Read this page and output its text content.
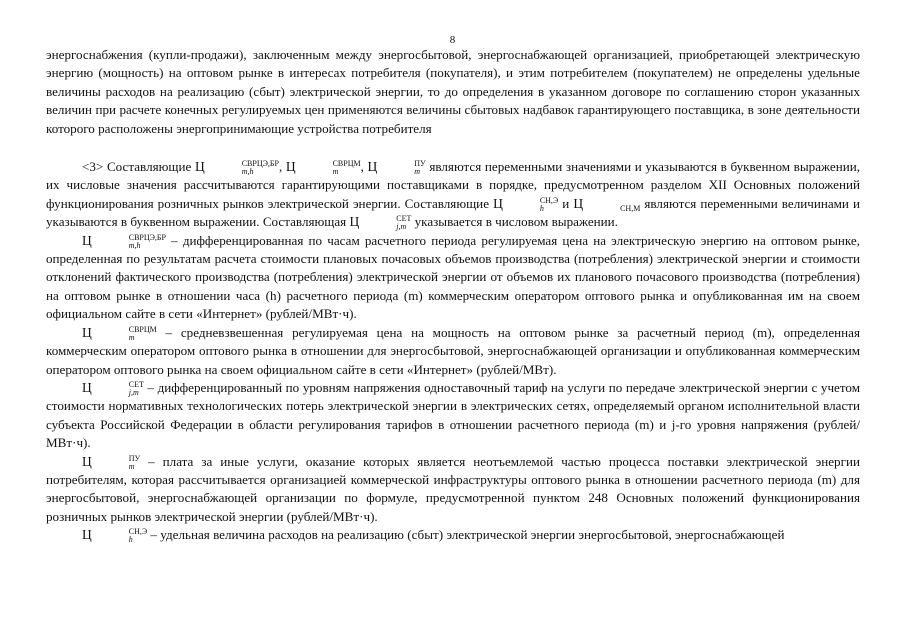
8

энергоснабжения (купли-продажи), заключенным между энергосбытовой, энергоснабжающей организацией, приобретающей электрическую энергию (мощность) на оптовом рынке в интересах потребителя (покупателя), и этим потребителем (покупателем) не определены удельные величины расходов на реализацию (сбыт) электрической энергии, то до определения в указанном договоре по соглашению сторон указанных величин при расчете конечных регулируемых цен применяются величины сбытовых надбавок гарантирующего поставщика, в зоне деятельности которого расположены энергопринимающие устройства потребителя

<3> Составляющие Ц	СВРЦЭ,БР
m,h	, Ц	СВРЦМ
m	, Ц	ПУ
m являются переменными значениями и указываются в буквенном выражении, их числовые значения рассчитываются гарантирующими поставщиками в порядке, предусмотренном разделом XII Основных положений функционирования розничных рынков электрической энергии. Составляющие Ц	СН,Э
h	и Ц	СН,М являются переменными величинами и указываются в буквенном выражении. Составляющая Ц	СЕТ
j,m указывается в числовом выражении.

Ц	СВРЦЭ,БР
m,h	– дифференцированная по часам расчетного периода регулируемая цена на электрическую энергию на оптовом рынке, определенная по результатам расчета стоимости плановых почасовых объемов производства (потребления) электрической энергии и стоимости отклонений фактического производства (потребления) электрической энергии от объемов их планового почасового производства (потребления) на оптовом рынке в отношении часа (h) расчетного периода (m) коммерческим оператором оптового рынка и опубликованная им на своем официальном сайте в сети «Интернет» (рублей/МВт·ч).

Ц	СВРЦМ
m	– средневзвешенная регулируемая цена на мощность на оптовом рынке за расчетный период (m), определенная коммерческим оператором оптового рынка в отношении для энергосбытовой, энергоснабжающей организации и опубликованная коммерческим оператором оптового рынка на своем официальном сайте в сети «Интернет» (рублей/МВт).

Ц	СЕТ
j,m – дифференцированный по уровням напряжения одноставочный тариф на услуги по передаче электрической энергии с учетом стоимости нормативных технологических потерь электрической энергии в электрических сетях, определяемый органом исполнительной власти субъекта Российской Федерации в области регулирования тарифов в отношении расчетного периода (m) и j-го уровня напряжения (рублей/МВт·ч).

Ц	ПУ
m – плата за иные услуги, оказание которых является неотъемлемой частью процесса поставки электрической энергии потребителям, которая рассчитывается организацией коммерческой инфраструктуры оптового рынка в отношении расчетного периода (m) для энергосбытовой, энергоснабжающей организации по формуле, предусмотренной пунктом 248 Основных положений функционирования розничных рынков электрической энергии (рублей/МВт·ч).

Ц	СН,Э
h	– удельная величина расходов на реализацию (сбыт) электрической энергии энергосбытовой, энергоснабжающей
